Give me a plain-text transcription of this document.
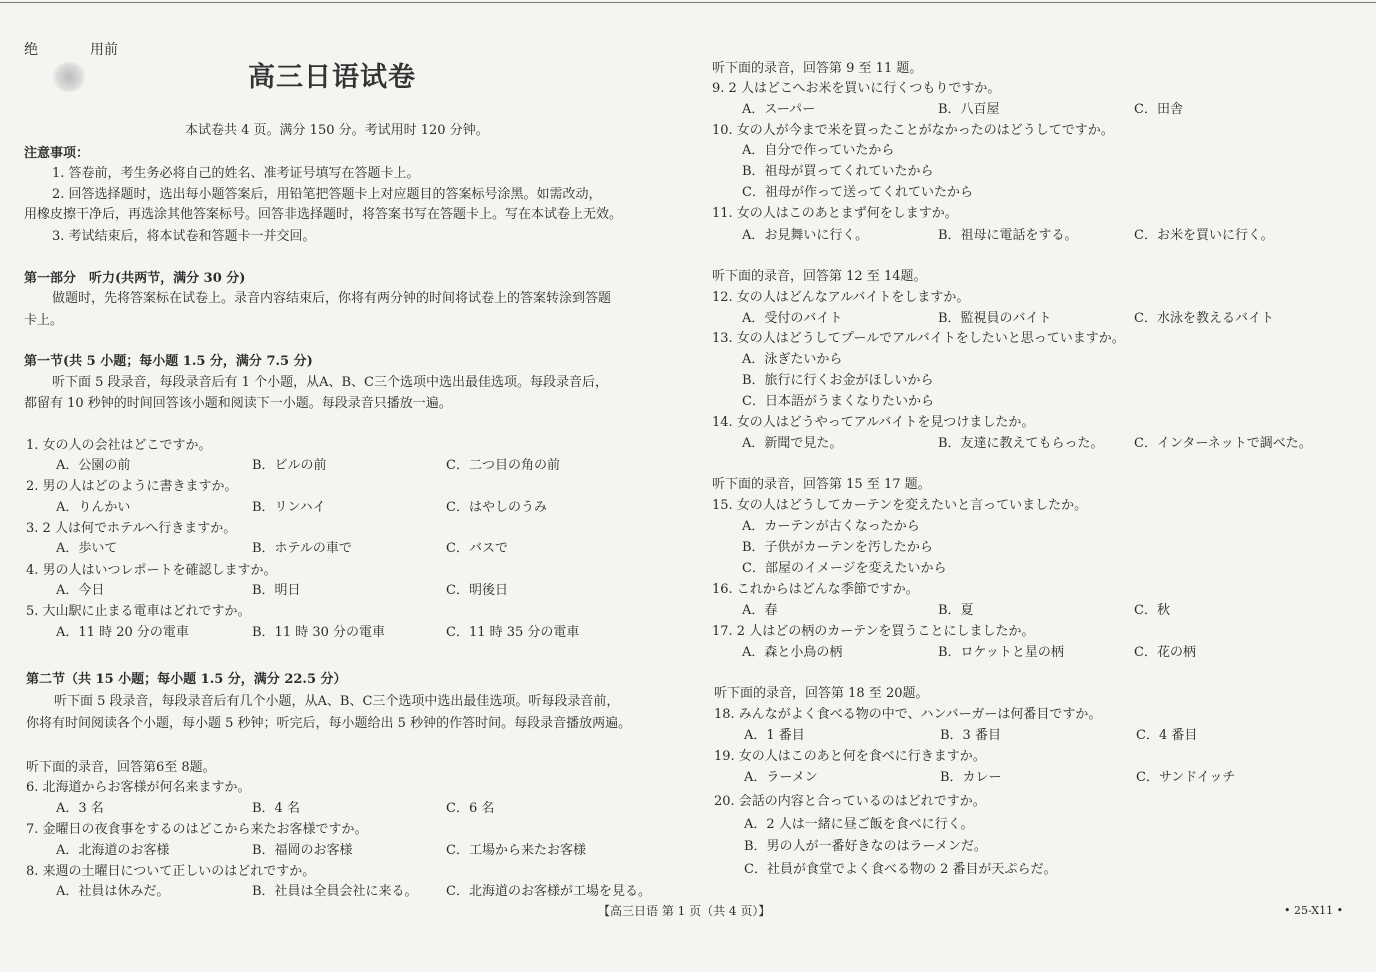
绝	用前
高三日语试卷
本试卷共 4 页。满分 150 分。考试用时 120 分钟。
注意事项：
1. 答卷前，考生务必将自己的姓名、准考证号填写在答题卡上。
2. 回答选择题时，选出每小题答案后，用铅笔把答题卡上对应题目的答案标号涂黑。如需改动，
用橡皮擦干净后，再选涂其他答案标号。回答非选择题时，将答案书写在答题卡上。写在本试卷上无效。
3. 考试结束后，将本试卷和答题卡一并交回。
第一部分　听力(共两节，满分 30 分)
做题时，先将答案标在试卷上。录音内容结束后，你将有两分钟的时间将试卷上的答案转涂到答题
卡上。
第一节(共 5 小题；每小题 1.5 分，满分 7.5 分)
听下面 5 段录音，每段录音后有 1 个小题，从A、B、C三个选项中选出最佳选项。每段录音后，
都留有 10 秒钟的时间回答该小题和阅读下一小题。每段录音只播放一遍。
1. 女の人の会社はどこですか。
A．公園の前	B．ビルの前	C．二つ目の角の前
2. 男の人はどのように書きますか。
A．りんかい	B．リンハイ	C．はやしのうみ
3. 2 人は何でホテルへ行きますか。
A．歩いて	B．ホテルの車で	C．バスで
4. 男の人はいつレポートを確認しますか。
A．今日	B．明日	C．明後日
5. 大山駅に止まる電車はどれですか。
A．11 時 20 分の電車	B．11 時 30 分の電車	C．11 時 35 分の電車
第二节（共 15 小题；每小题 1.5 分，满分 22.5 分）
听下面 5 段录音，每段录音后有几个小题，从A、B、C三个选项中选出最佳选项。听每段录音前，
你将有时间阅读各个小题，每小题 5 秒钟；听完后，每小题给出 5 秒钟的作答时间。每段录音播放两遍。
听下面的录音，回答第6至 8题。
6. 北海道からお客様が何名来ますか。
A．3 名	B．4 名	C．6 名
7. 金曜日の夜食事をするのはどこから来たお客様ですか。
A．北海道のお客様	B．福岡のお客様	C．工場から来たお客様
8. 来週の土曜日について正しいのはどれですか。
A．社員は休みだ。	B．社員は全員会社に来る。 C．北海道のお客様が工場を見る。
听下面的录音，回答第 9 至 11 题。
9. 2 人はどこへお米を買いに行くつもりですか。
A．スーパー	B．八百屋	C．田舎
10. 女の人が今まで米を買ったことがなかったのはどうしてですか。
A．自分で作っていたから
B．祖母が買ってくれていたから
C．祖母が作って送ってくれていたから
11. 女の人はこのあとまず何をしますか。
A．お見舞いに行く。	B．祖母に電話をする。	C．お米を買いに行く。
听下面的录音，回答第 12 至 14题。
12. 女の人はどんなアルバイトをしますか。
A．受付のバイト	B．監視員のバイト	C．水泳を教えるバイト
13. 女の人はどうしてプールでアルバイトをしたいと思っていますか。
A．泳ぎたいから
B．旅行に行くお金がほしいから
C．日本語がうまくなりたいから
14. 女の人はどうやってアルバイトを見つけましたか。
A．新聞で見た。	B．友達に教えてもらった。 C．インターネットで調べた。
听下面的录音，回答第 15 至 17 题。
15. 女の人はどうしてカーテンを変えたいと言っていましたか。
A．カーテンが古くなったから
B．子供がカーテンを汚したから
C．部屋のイメージを変えたいから
16. これからはどんな季節ですか。
A．春	B．夏	C．秋
17. 2 人はどの柄のカーテンを買うことにしましたか。
A．森と小鳥の柄	B．ロケットと星の柄	C．花の柄
听下面的录音，回答第 18 至 20题。
18. みんながよく食べる物の中で、ハンバーガーは何番目ですか。
A．1 番目	B．3 番目	C．4 番目
19. 女の人はこのあと何を食べに行きますか。
A．ラーメン	B．カレー	C．サンドイッチ
20. 会話の内容と合っているのはどれですか。
A．2 人は一緒に昼ご飯を食べに行く。
B．男の人が一番好きなのはラーメンだ。
C．社員が食堂でよく食べる物の 2 番目が天ぷらだ。
【高三日语 第 1 页（共 4 页）】	• 25-X11 •
